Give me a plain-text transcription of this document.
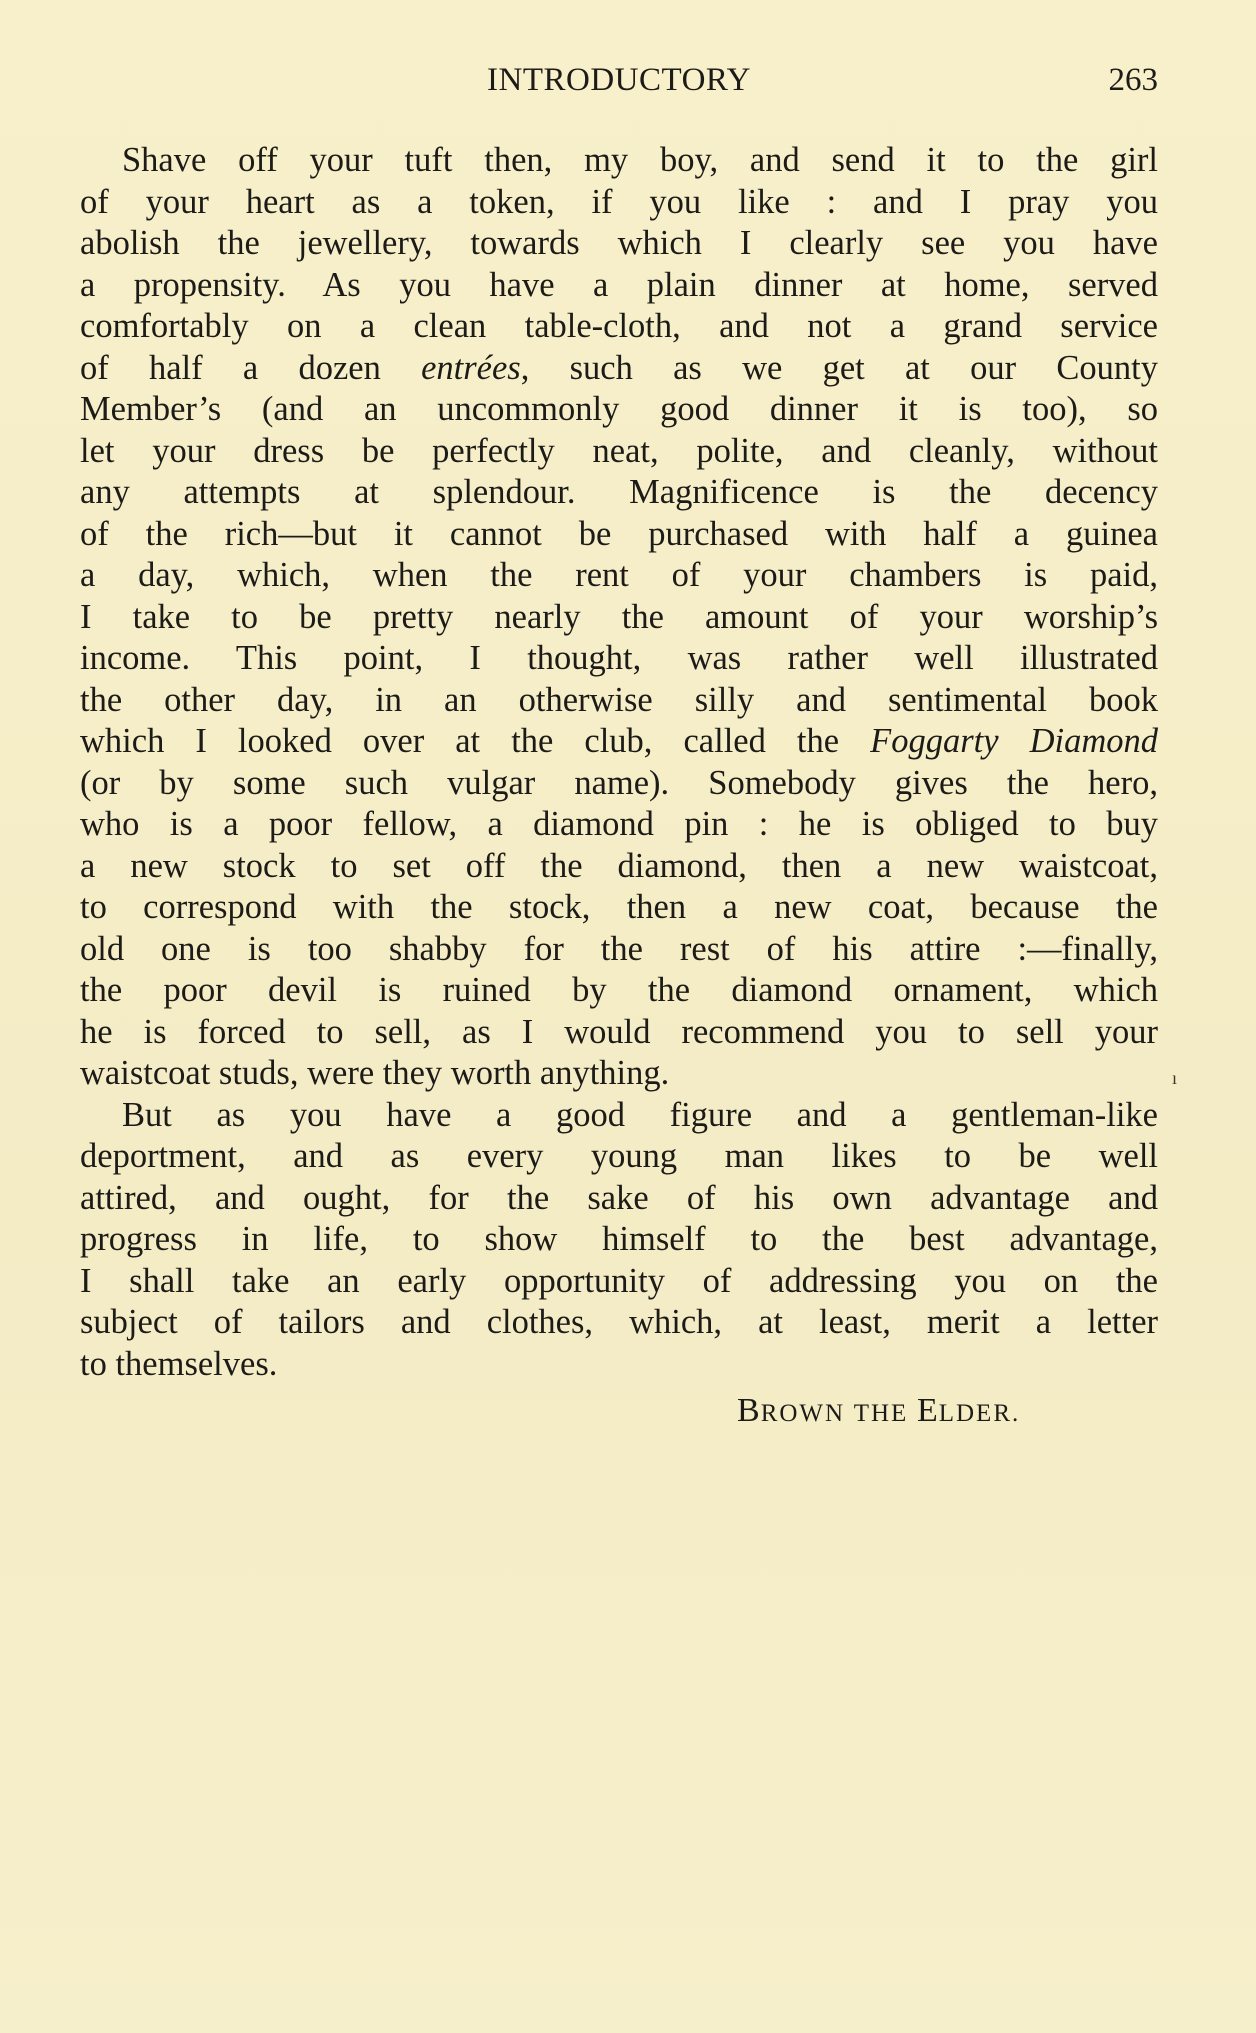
INTRODUCTORY	263
Shave off your tuft then, my boy, and send it to the girl
of your heart as a token, if you like : and I pray you
abolish the jewellery, towards which I clearly see you have
a propensity. As you have a plain dinner at home, served
comfortably on a clean table-cloth, and not a grand service
of half a dozen entrées, such as we get at our County
Member’s (and an uncommonly good dinner it is too), so
let your dress be perfectly neat, polite, and cleanly, without
any attempts at splendour. Magnificence is the decency
of the rich—but it cannot be purchased with half a guinea
a day, which, when the rent of your chambers is paid,
I take to be pretty nearly the amount of your worship’s
income. This point, I thought, was rather well illustrated
the other day, in an otherwise silly and sentimental book
which I looked over at the club, called the Foggarty Diamond
(or by some such vulgar name). Somebody gives the hero,
who is a poor fellow, a diamond pin : he is obliged to buy
a new stock to set off the diamond, then a new waistcoat,
to correspond with the stock, then a new coat, because the
old one is too shabby for the rest of his attire :—finally,
the poor devil is ruined by the diamond ornament, which
he is forced to sell, as I would recommend you to sell your
waistcoat studs, were they worth anything.
But as you have a good figure and a gentleman-like
deportment, and as every young man likes to be well
attired, and ought, for the sake of his own advantage and
progress in life, to show himself to the best advantage,
I shall take an early opportunity of addressing you on the
subject of tailors and clothes, which, at least, merit a letter
to themselves.
BROWN THE ELDER.
ı
